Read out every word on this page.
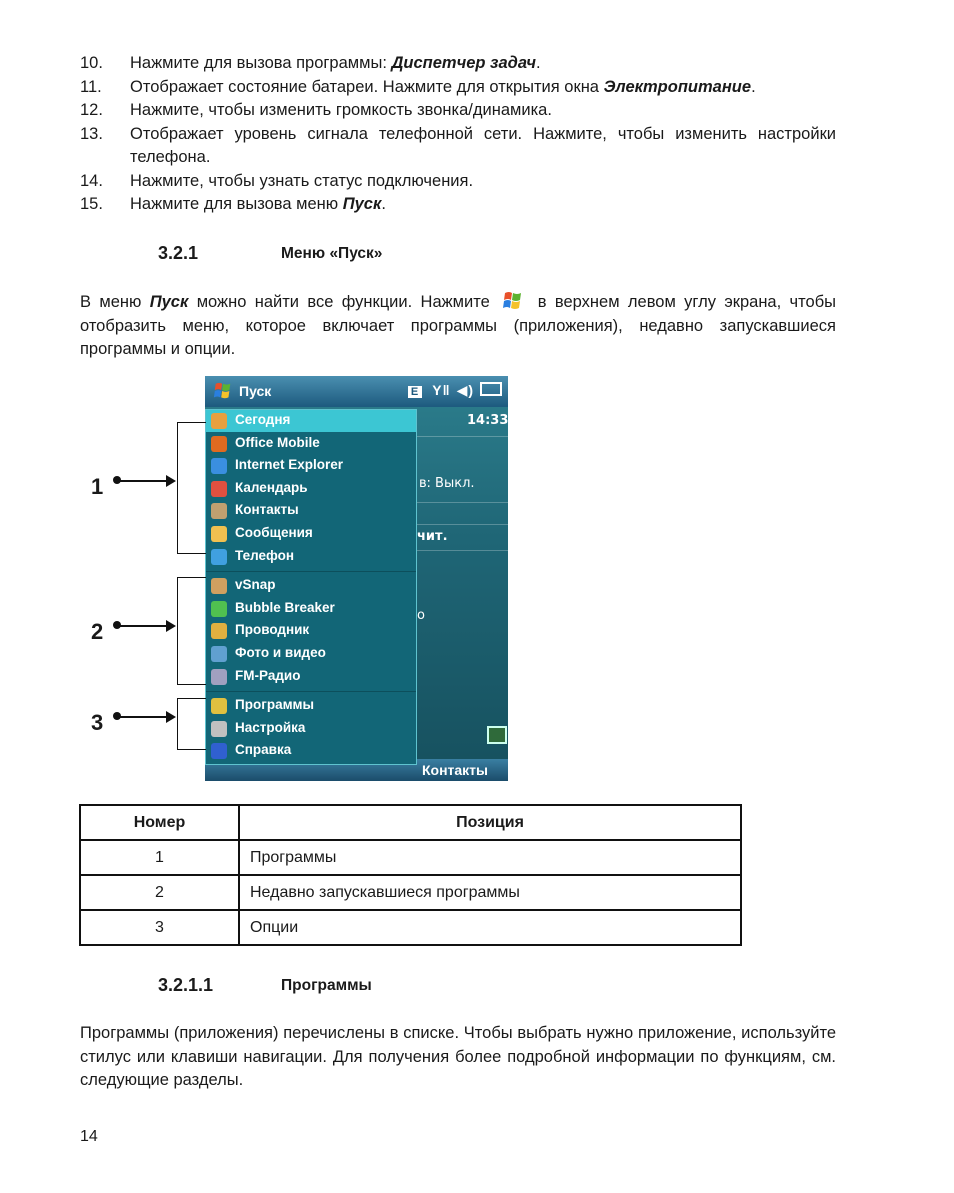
10. Нажмите для вызова программы: Диспетчер задач.
11. Отображает состояние батареи. Нажмите для открытия окна Электропитание.
12. Нажмите, чтобы изменить громкость звонка/динамика.
13. Отображает уровень сигнала телефонной сети. Нажмите, чтобы изменить настройки телефона.
14. Нажмите, чтобы узнать статус подключения.
15. Нажмите для вызова меню Пуск.
3.2.1	Меню «Пуск»
В меню Пуск можно найти все функции. Нажмите	в верхнем левом углу экрана, чтобы отобразить меню, которое включает программы (приложения), недавно запускавшиеся программы и опции.
Пуск	E Y‖ ◀)
14:33
ʙ: Выкл.
чит.
о
Контакты
Сегодня
Office Mobile
Internet Explorer
Календарь
Контакты
Сообщения
Телефон
vSnap
Bubble Breaker
Проводник
Фото и видео
FM-Радио
Программы
Настройка
Справка
1
2
3
Номер	Позиция
1	Программы
2	Недавно запускавшиеся программы
3	Опции
3.2.1.1	Программы
Программы (приложения) перечислены в списке. Чтобы выбрать нужно приложение, используйте стилус или клавиши навигации. Для получения более подробной информации по функциям, см. следующие разделы.
14
